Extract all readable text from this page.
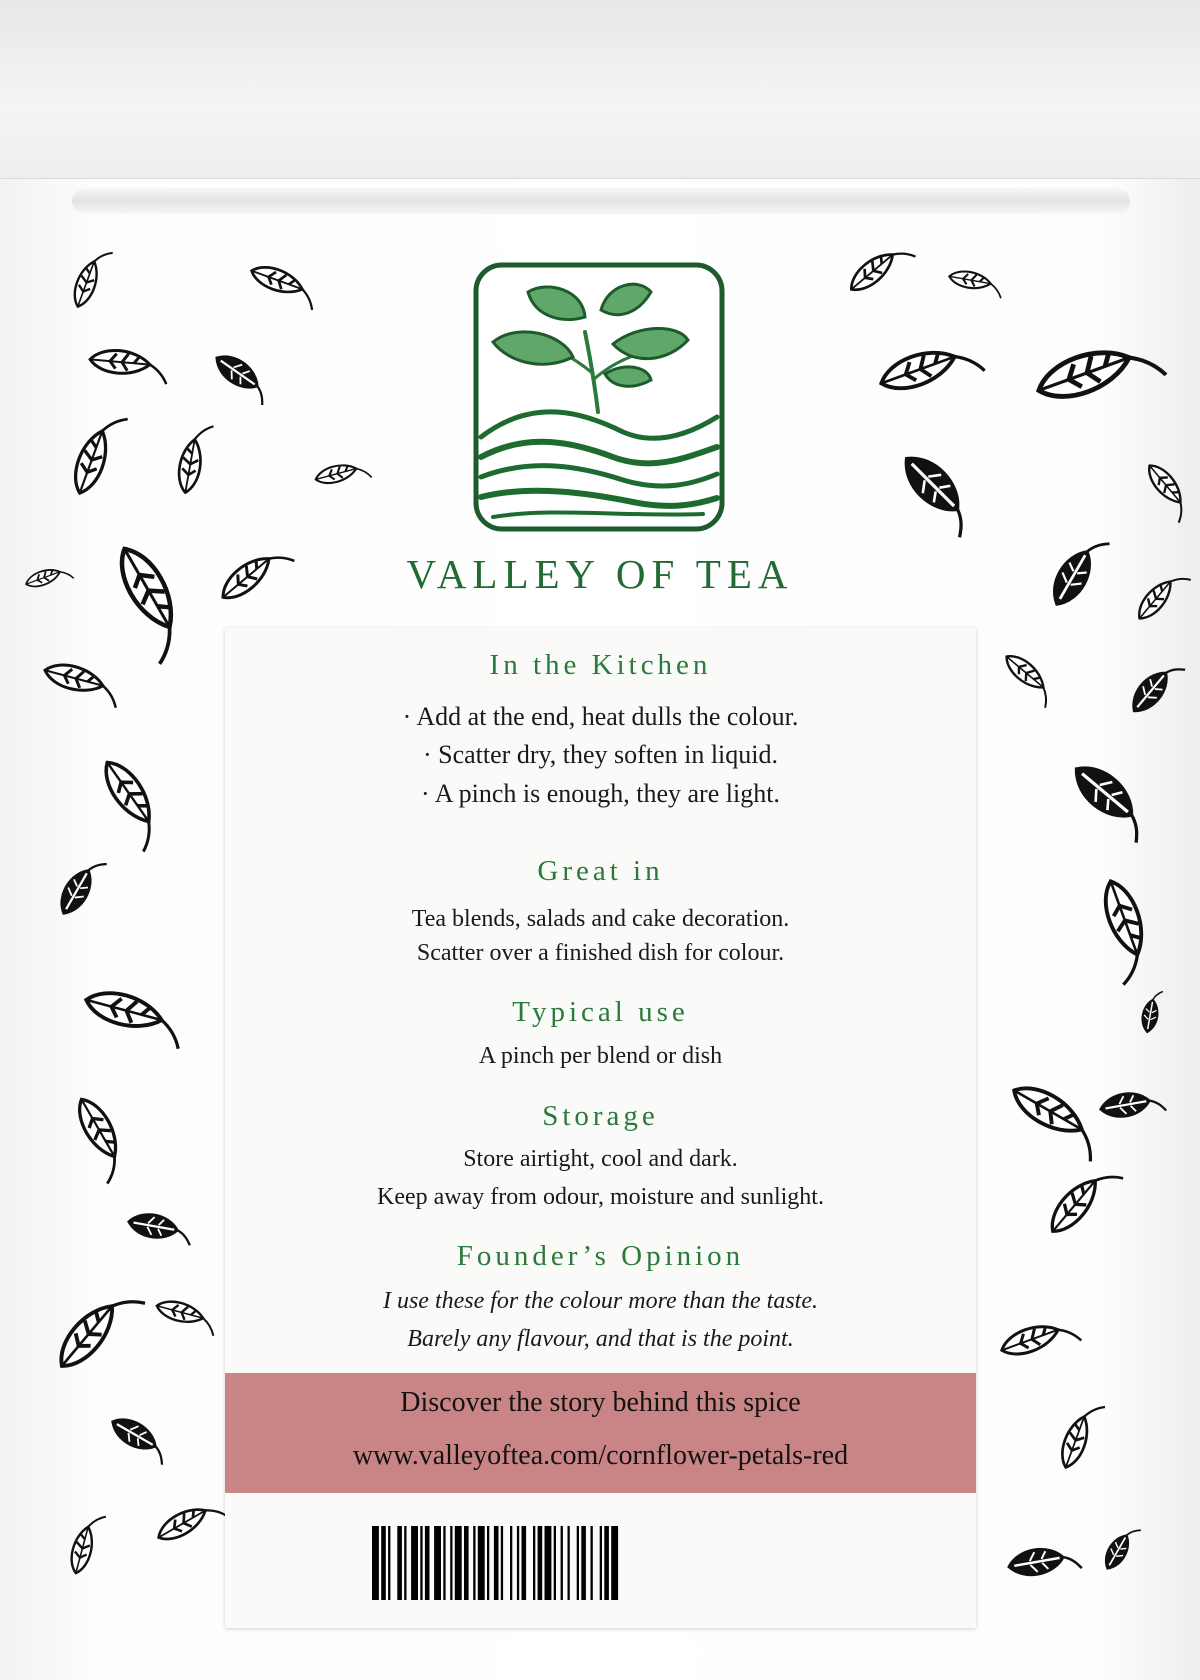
VALLEY OF TEA
In the Kitchen
· Add at the end, heat dulls the colour.
· Scatter dry, they soften in liquid.
· A pinch is enough, they are light.
Great in
Tea blends, salads and cake decoration.
Scatter over a finished dish for colour.
Typical use
A pinch per blend or dish
Storage
Store airtight, cool and dark.
Keep away from odour, moisture and sunlight.
Founder’s Opinion
I use these for the colour more than the taste.
Barely any flavour, and that is the point.
Discover the story behind this spice
www.valleyoftea.com/cornflower-petals-red
